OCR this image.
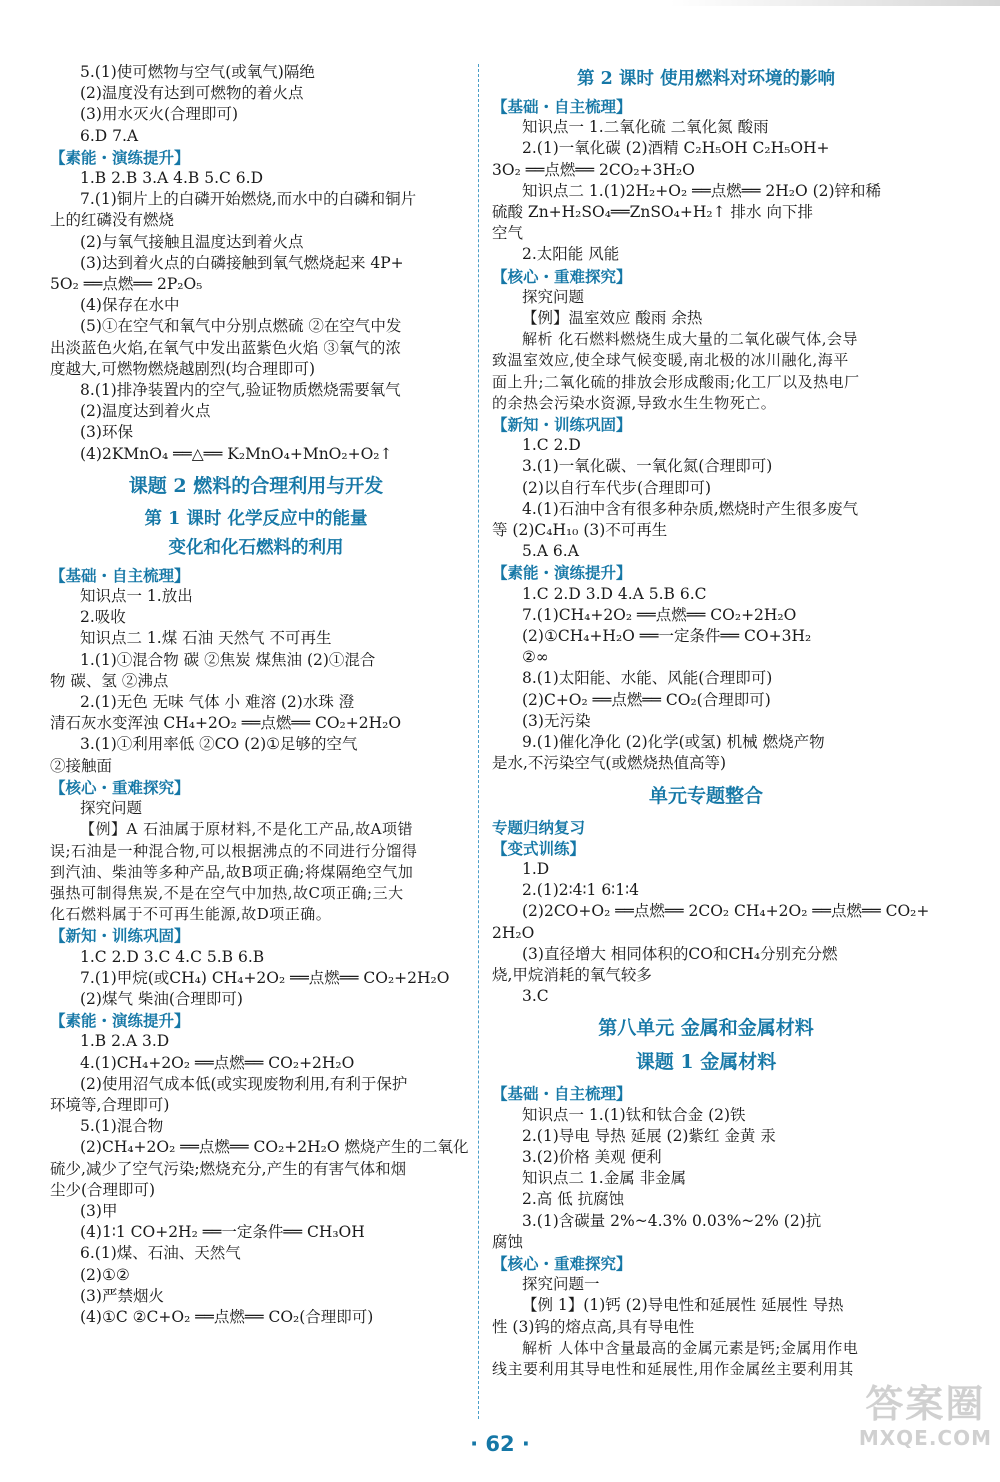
5.(1)使可燃物与空气(或氧气)隔绝
(2)温度没有达到可燃物的着火点
(3)用水灭火(合理即可)
6.D 7.A
【素能・演练提升】
1.B 2.B 3.A 4.B 5.C 6.D
7.(1)铜片上的白磷开始燃烧,而水中的白磷和铜片
上的红磷没有燃烧
(2)与氧气接触且温度达到着火点
(3)达到着火点的白磷接触到氧气燃烧起来 4P+
5O₂ ══点燃══ 2P₂O₅
(4)保存在水中
(5)①在空气和氧气中分别点燃硫 ②在空气中发
出淡蓝色火焰,在氧气中发出蓝紫色火焰 ③氧气的浓
度越大,可燃物燃烧越剧烈(均合理即可)
8.(1)排净装置内的空气,验证物质燃烧需要氧气
(2)温度达到着火点
(3)环保
(4)2KMnO₄ ══△══ K₂MnO₄+MnO₂+O₂↑
课题 2 燃料的合理利用与开发
第 1 课时 化学反应中的能量
变化和化石燃料的利用
【基础・自主梳理】
知识点一 1.放出
2.吸收
知识点二 1.煤 石油 天然气 不可再生
1.(1)①混合物 碳 ②焦炭 煤焦油 (2)①混合
物 碳、氢 ②沸点
2.(1)无色 无味 气体 小 难溶 (2)水珠 澄
清石灰水变浑浊 CH₄+2O₂ ══点燃══ CO₂+2H₂O
3.(1)①利用率低 ②CO (2)①足够的空气
②接触面
【核心・重难探究】
探究问题
【例】A 石油属于原材料,不是化工产品,故A项错
误;石油是一种混合物,可以根据沸点的不同进行分馏得
到汽油、柴油等多种产品,故B项正确;将煤隔绝空气加
强热可制得焦炭,不是在空气中加热,故C项正确;三大
化石燃料属于不可再生能源,故D项正确。
【新知・训练巩固】
1.C 2.D 3.C 4.C 5.B 6.B
7.(1)甲烷(或CH₄) CH₄+2O₂ ══点燃══ CO₂+2H₂O
(2)煤气 柴油(合理即可)
【素能・演练提升】
1.B 2.A 3.D
4.(1)CH₄+2O₂ ══点燃══ CO₂+2H₂O
(2)使用沼气成本低(或实现废物利用,有利于保护
环境等,合理即可)
5.(1)混合物
(2)CH₄+2O₂ ══点燃══ CO₂+2H₂O 燃烧产生的二氧化
硫少,减少了空气污染;燃烧充分,产生的有害气体和烟
尘少(合理即可)
(3)甲
(4)1∶1 CO+2H₂ ══一定条件══ CH₃OH
6.(1)煤、石油、天然气
(2)①②
(3)严禁烟火
(4)①C ②C+O₂ ══点燃══ CO₂(合理即可)
第 2 课时 使用燃料对环境的影响
【基础・自主梳理】
知识点一 1.二氧化硫 二氧化氮 酸雨
2.(1)一氧化碳 (2)酒精 C₂H₅OH C₂H₅OH+
3O₂ ══点燃══ 2CO₂+3H₂O
知识点二 1.(1)2H₂+O₂ ══点燃══ 2H₂O (2)锌和稀
硫酸 Zn+H₂SO₄══ZnSO₄+H₂↑ 排水 向下排
空气
2.太阳能 风能
【核心・重难探究】
探究问题
【例】温室效应 酸雨 余热
解析 化石燃料燃烧生成大量的二氧化碳气体,会导
致温室效应,使全球气候变暖,南北极的冰川融化,海平
面上升;二氧化硫的排放会形成酸雨;化工厂以及热电厂
的余热会污染水资源,导致水生生物死亡。
【新知・训练巩固】
1.C 2.D
3.(1)一氧化碳、一氧化氮(合理即可)
(2)以自行车代步(合理即可)
4.(1)石油中含有很多种杂质,燃烧时产生很多废气
等 (2)C₄H₁₀ (3)不可再生
5.A 6.A
【素能・演练提升】
1.C 2.D 3.D 4.A 5.B 6.C
7.(1)CH₄+2O₂ ══点燃══ CO₂+2H₂O
(2)①CH₄+H₂O ══一定条件══ CO+3H₂
②∞
8.(1)太阳能、水能、风能(合理即可)
(2)C+O₂ ══点燃══ CO₂(合理即可)
(3)无污染
9.(1)催化净化 (2)化学(或氢) 机械 燃烧产物
是水,不污染空气(或燃烧热值高等)
单元专题整合
专题归纳复习
【变式训练】
1.D
2.(1)2∶4∶1 6∶1∶4
(2)2CO+O₂ ══点燃══ 2CO₂ CH₄+2O₂ ══点燃══ CO₂+
2H₂O
(3)直径增大 相同体积的CO和CH₄分别充分燃
烧,甲烷消耗的氧气较多
3.C
第八单元 金属和金属材料
课题 1 金属材料
【基础・自主梳理】
知识点一 1.(1)钛和钛合金 (2)铁
2.(1)导电 导热 延展 (2)紫红 金黄 汞
3.(2)价格 美观 便利
知识点二 1.金属 非金属
2.高 低 抗腐蚀
3.(1)含碳量 2%~4.3% 0.03%~2% (2)抗
腐蚀
【核心・重难探究】
探究问题一
【例 1】(1)钙 (2)导电性和延展性 延展性 导热
性 (3)钨的熔点高,具有导电性
解析 人体中含量最高的金属元素是钙;金属用作电
线主要利用其导电性和延展性,用作金属丝主要利用其
· 62 ·
答案圈
MXQE.COM
